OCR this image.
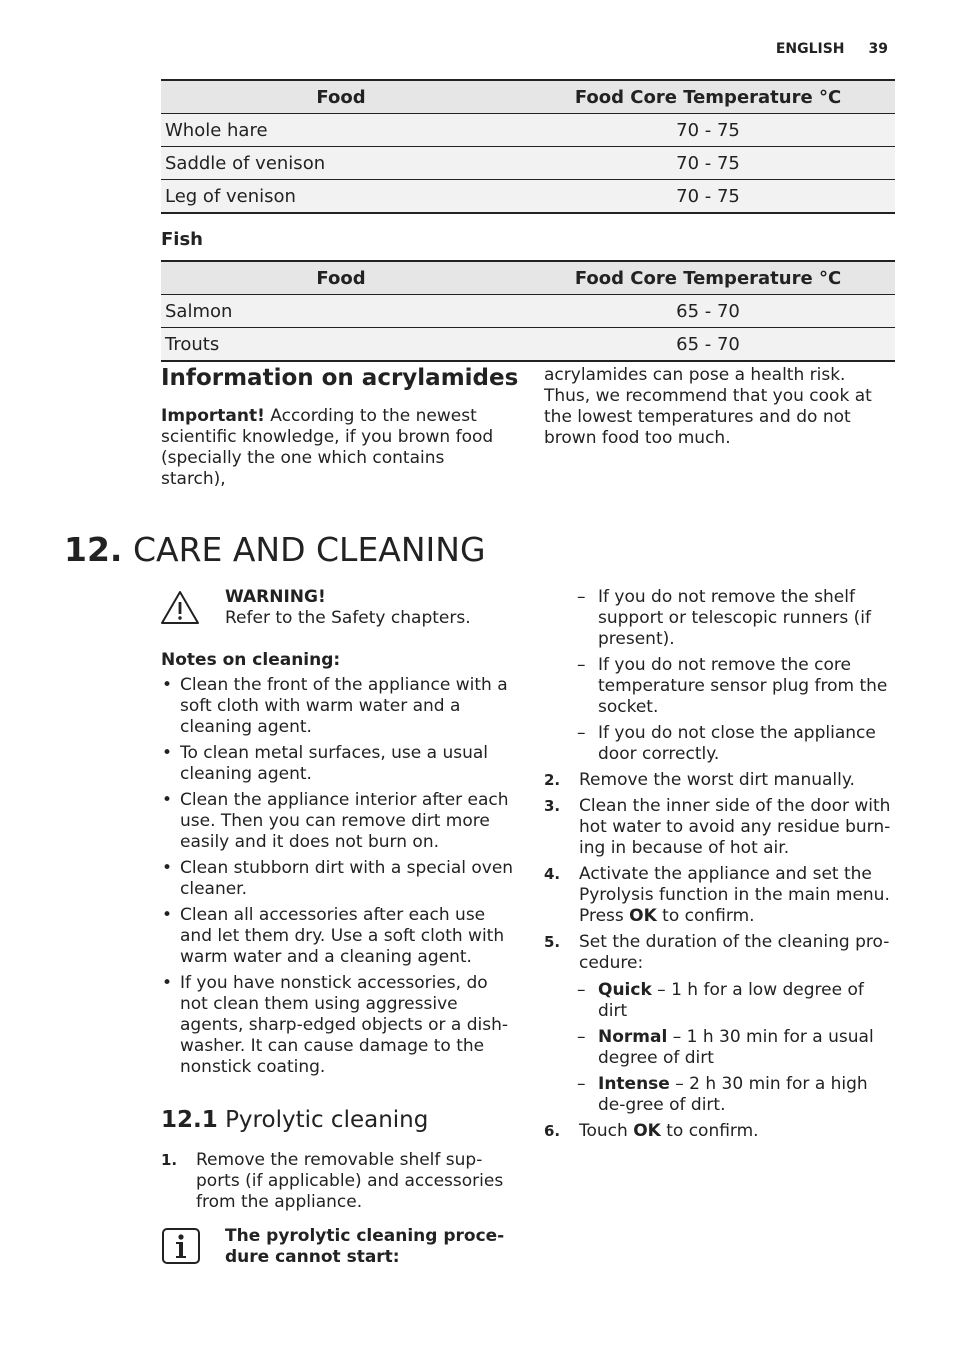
ENGLISH 39
Food	Food Core Temperature °C
Whole hare	70 - 75
Saddle of venison	70 - 75
Leg of venison	70 - 75
Fish
Food	Food Core Temperature °C
Salmon	65 - 70
Trouts	65 - 70
Information on acrylamides
Important! According to the newest scientific knowledge, if you brown food (specially the one which contains starch),
acrylamides can pose a health risk. Thus, we recommend that you cook at the lowest temperatures and do not brown food too much.
12. CARE AND CLEANING
WARNING!
Refer to the Safety chapters.
Notes on cleaning:
• Clean the front of the appliance with a soft cloth with warm water and a cleaning agent.
• To clean metal surfaces, use a usual cleaning agent.
• Clean the appliance interior after each use. Then you can remove dirt more easily and it does not burn on.
• Clean stubborn dirt with a special oven cleaner.
• Clean all accessories after each use and let them dry. Use a soft cloth with warm water and a cleaning agent.
• If you have nonstick accessories, do not clean them using aggressive agents, sharp-edged objects or a dish-washer. It can cause damage to the nonstick coating.
12.1 Pyrolytic cleaning
1. Remove the removable shelf sup-ports (if applicable) and accessories from the appliance.
The pyrolytic cleaning proce-dure cannot start:
– If you do not remove the shelf support or telescopic runners (if present).
– If you do not remove the core temperature sensor plug from the socket.
– If you do not close the appliance door correctly.
2. Remove the worst dirt manually.
3. Clean the inner side of the door with hot water to avoid any residue burn-ing in because of hot air.
4. Activate the appliance and set the Pyrolysis function in the main menu. Press OK to confirm.
5. Set the duration of the cleaning pro-cedure:
– Quick – 1 h for a low degree of dirt
– Normal – 1 h 30 min for a usual degree of dirt
– Intense – 2 h 30 min for a high de-gree of dirt.
6. Touch OK to confirm.
